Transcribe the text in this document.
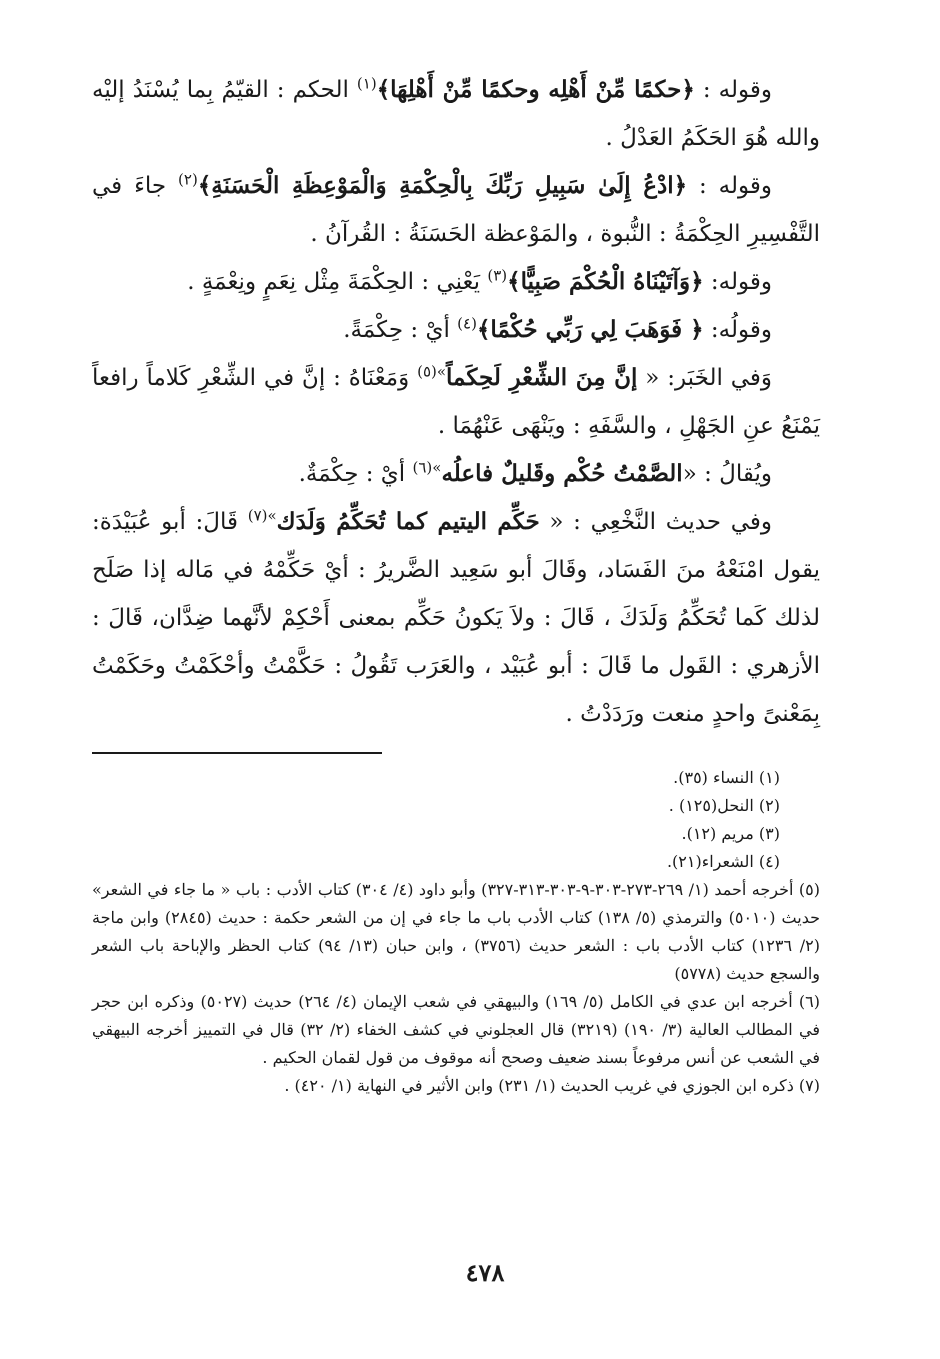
وقوله : ﴿حكمًا مِّنْ أَهْلِه وحكمًا مِّنْ أَهْلِهَا﴾$^{(١)}$ الحكم : القيّمُ بِما يُسْنَدُ إليْه والله هُوَ الحَكَمُ العَدْلُ .

وقوله : ﴿ادْعُ إِلَىٰ سَبِيلِ رَبِّكَ بِالْحِكْمَةِ وَالْمَوْعِظَةِ الْحَسَنَةِ﴾$^{(٢)}$ جاءَ في التَّفْسِيرِ الحِكْمَةُ : النُّبوة ، والمَوْعظة الحَسَنَةُ : القُرآنُ .

وقوله: ﴿وَآتَيْنَاهُ الْحُكْمَ صَبِيًّا﴾$^{(٣)}$ يَعْنِي : الحِكْمَةَ مِثْل نِعَمٍ ونِعْمَةٍ .

وقولُه: ﴿ فَوَهَبَ لِي رَبِّي حُكْمًا﴾$^{(٤)}$ أيْ : حِكْمَةً.

وَفي الخَبَر: « إنَّ مِنَ الشِّعْرِ لَحِكَماً$^{»(٥)}$ وَمَعْنَاهُ : إنَّ في الشِّعْرِ كَلاماً رافعاً يَمْنَعُ عنِ الجَهْلِ ، والسَّفَهِ : ويَنْهَى عَنْهُمَا .

ويُقالُ : «الصَّمْتُ حُكْم وقَليلٌ فاعلُه$^{»(٦)}$ أيْ : حِكْمَةٌ.

وفي حديث النَّخْعِي : « حَكِّم اليتيم كما تُحَكِّمُ وَلَدَك$^{»(٧)}$ قَالَ: أبو عُبَيْدَة: يقول امْنَعْهُ منَ الفَسَاد، وقَالَ أبو سَعِيد الضَّريرُ : أيْ حَكِّمْهُ في مَاله إذا صَلَح لذلك كَما تُحَكِّمُ وَلَدَكَ ، قَالَ : ولاَ يَكونُ حَكِّم بمعنى أَحْكِمْ لأنَّهما ضِدَّان، قَالَ : الأزهري : القَول ما قَالَ : أبو عُبَيْد ، والعَرَب تَقُولُ : حَكَّمْتُ وأحْكَمْتُ وحَكَمْتُ بِمَعْنىً واحدٍ منعت ورَدَدْتُ .

(١) النساء (٣٥).

(٢) النحل(١٢٥) .

(٣) مريم (١٢).

(٤) الشعراء(٢١).

(٥) أخرجه أحمد (١/ ٢٦٩-٢٧٣-٣٠٣-٩-٣٠٣-٣١٣-٣٢٧) وأبو داود (٤/ ٣٠٤) كتاب الأدب : باب « ما جاء في الشعر» حديث (٥٠١٠) والترمذي (٥/ ١٣٨) كتاب الأدب باب ما جاء في إن من الشعر حكمة : حديث (٢٨٤٥) وابن ماجة (٢/ ١٢٣٦) كتاب الأدب باب : الشعر حديث (٣٧٥٦) ، وابن حبان (١٣/ ٩٤) كتاب الحظر والإباحة باب الشعر والسجع حديث (٥٧٧٨)

(٦) أخرجه ابن عدي في الكامل (٥/ ١٦٩) والبيهقي في شعب الإيمان (٤/ ٢٦٤) حديث (٥٠٢٧) وذكره ابن حجر في المطالب العالية (٣/ ١٩٠) (٣٢١٩) قال العجلوني في كشف الخفاء (٢/ ٣٢) قال في التمييز أخرجه البيهقي في الشعب عن أنس مرفوعاً بسند ضعيف وصحح أنه موقوف من قول لقمان الحكيم .

(٧) ذكره ابن الجوزي في غريب الحديث (١/ ٢٣١) وابن الأثير في النهاية (١/ ٤٢٠) .

٤٧٨
